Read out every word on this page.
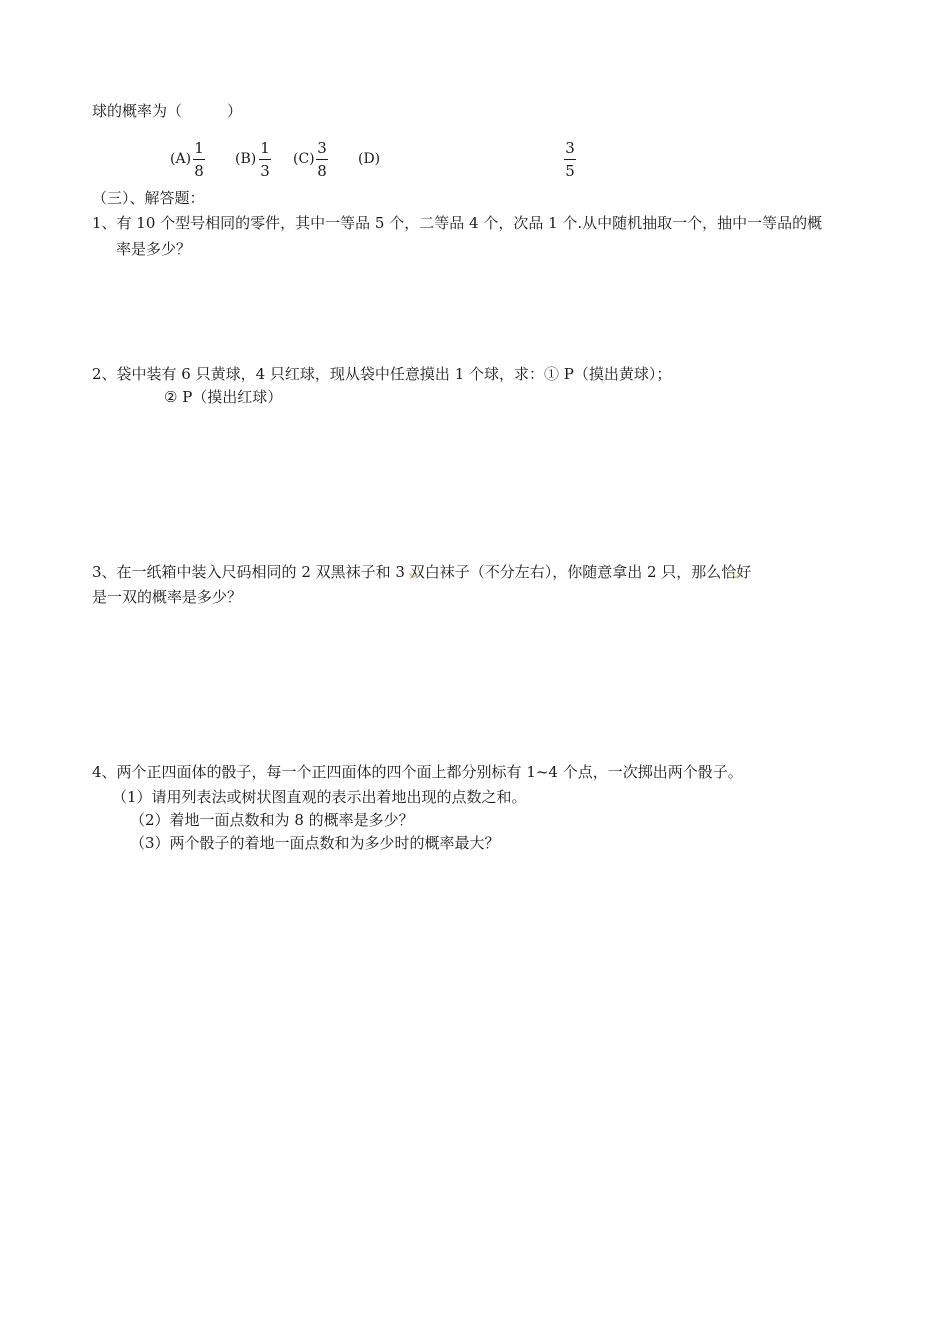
球的概率为（　　　）
(A)
1
8
(B)
1
3
(C)
3
8
(D)
3
5
（三）、解答题：
1、有 10 个型号相同的零件，其中一等品 5 个，二等品 4 个，次品 1 个.从中随机抽取一个，抽中一等品的概
率是多少？
2、袋中装有 6 只黄球，4 只红球，现从袋中任意摸出 1 个球，求：① P（摸出黄球）；
② P（摸出红球）
3、在一纸箱中装入尺码相同的 2 双黑袜子和 3 双白袜子（不分左右），你随意拿出 2 只，那么恰好
是一双的概率是多少？
4、两个正四面体的骰子，每一个正四面体的四个面上都分别标有 1~4 个点，一次掷出两个骰子。
（1）请用列表法或树状图直观的表示出着地出现的点数之和。
（2）着地一面点数和为 8 的概率是多少？
（3）两个骰子的着地一面点数和为多少时的概率最大？
